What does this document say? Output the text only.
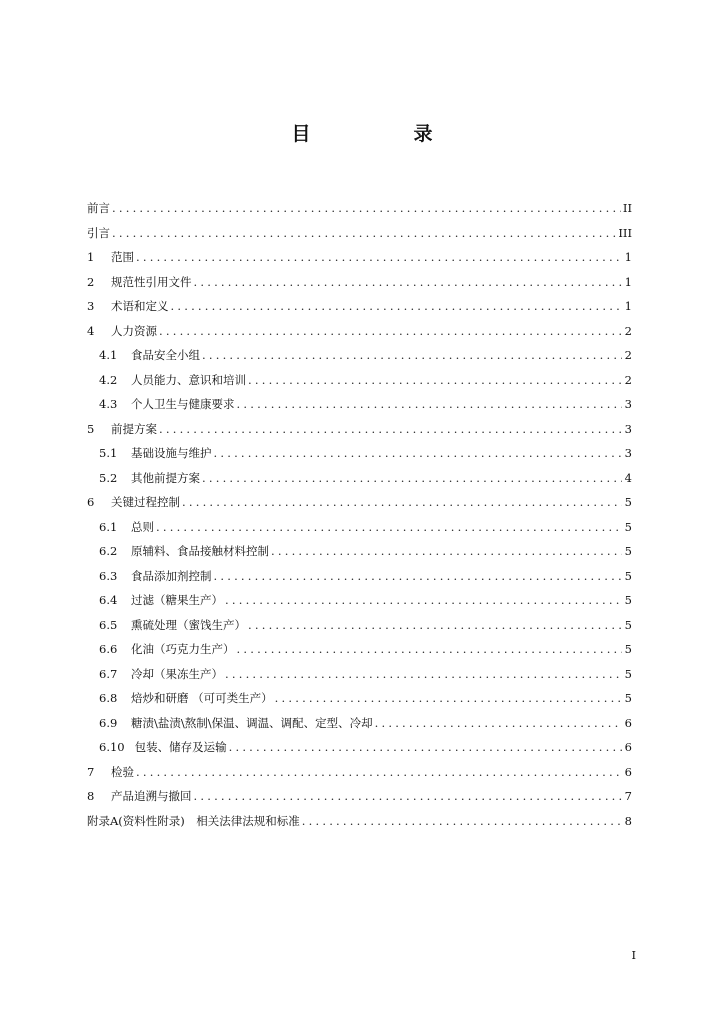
目　录
前言 .....	II
引言 .....	III
1	范围 .....	1
2	规范性引用文件 .....	1
3	术语和定义 .....	1
4	人力资源 .....	2
4.1	食品安全小组 .....	2
4.2	人员能力、意识和培训 .....	2
4.3	个人卫生与健康要求 .....	3
5	前提方案 .....	3
5.1	基础设施与维护 .....	3
5.2	其他前提方案 .....	4
6	关键过程控制 .....	5
6.1	总则 .....	5
6.2	原辅料、食品接触材料控制 .....	5
6.3	食品添加剂控制 .....	5
6.4	过滤（糖果生产） .....	5
6.5	熏硫处理（蜜饯生产） .....	5
6.6	化油（巧克力生产） .....	5
6.7	冷却（果冻生产） .....	5
6.8	焙炒和研磨 （可可类生产） .....	5
6.9	糖渍\盐渍\熬制\保温、调温、调配、定型、冷却 .....	6
6.10 包装、储存及运输 .....	6
7	检验 .....	6
8	产品追溯与撤回 .....	7
附录A(资料性附录)　相关法律法规和标准 .....	8
I
